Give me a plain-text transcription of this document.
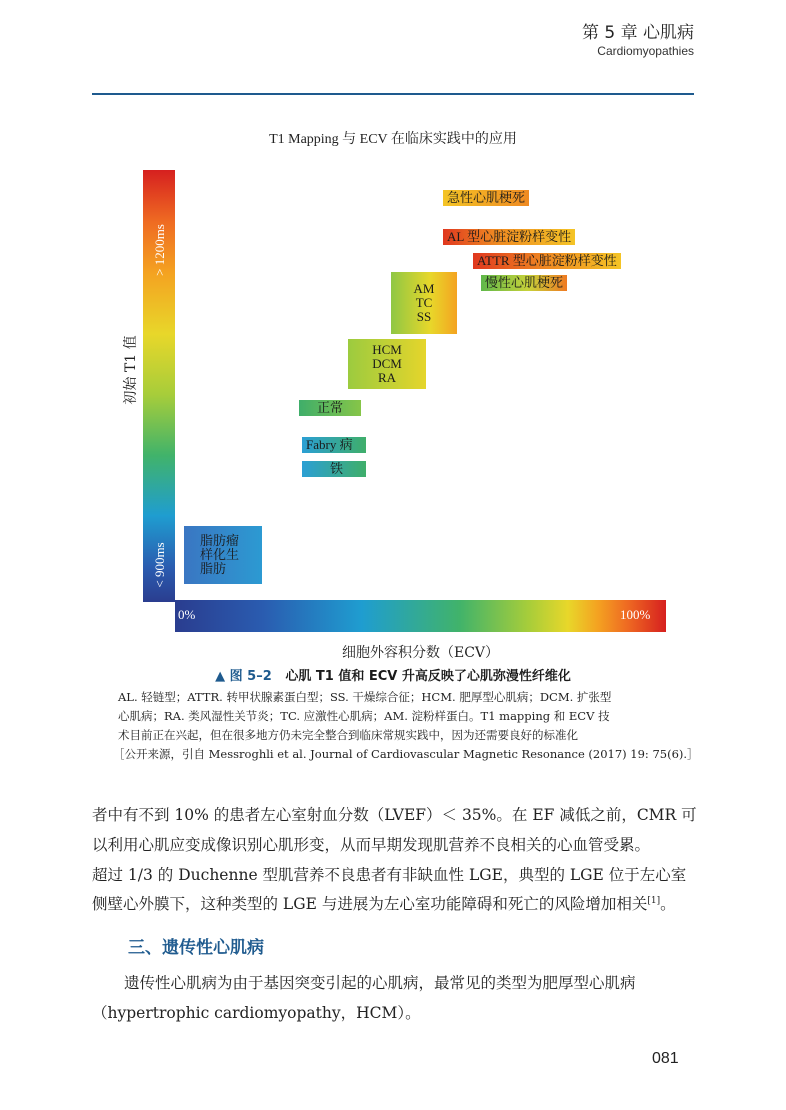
第 5 章 心肌病
Cardiomyopathies
T1 Mapping 与 ECV 在临床实践中的应用
初始 T1 值
> 1200ms
< 900ms
0%	100%
细胞外容积分数（ECV）
急性心肌梗死
AL 型心脏淀粉样变性
ATTR 型心脏淀粉样变性
慢性心肌梗死
AM
TC
SS
HCM
DCM
RA
正常
Fabry 病
铁
脂肪瘤
样化生
脂肪
▲ 图 5–2 心肌 T1 值和 ECV 升高反映了心肌弥漫性纤维化
AL. 轻链型；ATTR. 转甲状腺素蛋白型；SS. 干燥综合征；HCM. 肥厚型心肌病；DCM. 扩张型
心肌病；RA. 类风湿性关节炎；TC. 应激性心肌病；AM. 淀粉样蛋白。T1 mapping 和 ECV 技
术目前正在兴起，但在很多地方仍未完全整合到临床常规实践中，因为还需要良好的标准化
［公开来源，引自 Messroghli et al. Journal of Cardiovascular Magnetic Resonance (2017) 19: 75(6).］
者中有不到 10% 的患者左心室射血分数（LVEF）＜ 35%。在 EF 减低之前，CMR 可
以利用心肌应变成像识别心肌形变，从而早期发现肌营养不良相关的心血管受累。
超过 1/3 的 Duchenne 型肌营养不良患者有非缺血性 LGE，典型的 LGE 位于左心室
侧壁心外膜下，这种类型的 LGE 与进展为左心室功能障碍和死亡的风险增加相关[1]。
三、遗传性心肌病
遗传性心肌病为由于基因突变引起的心肌病，最常见的类型为肥厚型心肌病
（hypertrophic cardiomyopathy，HCM）。
081
